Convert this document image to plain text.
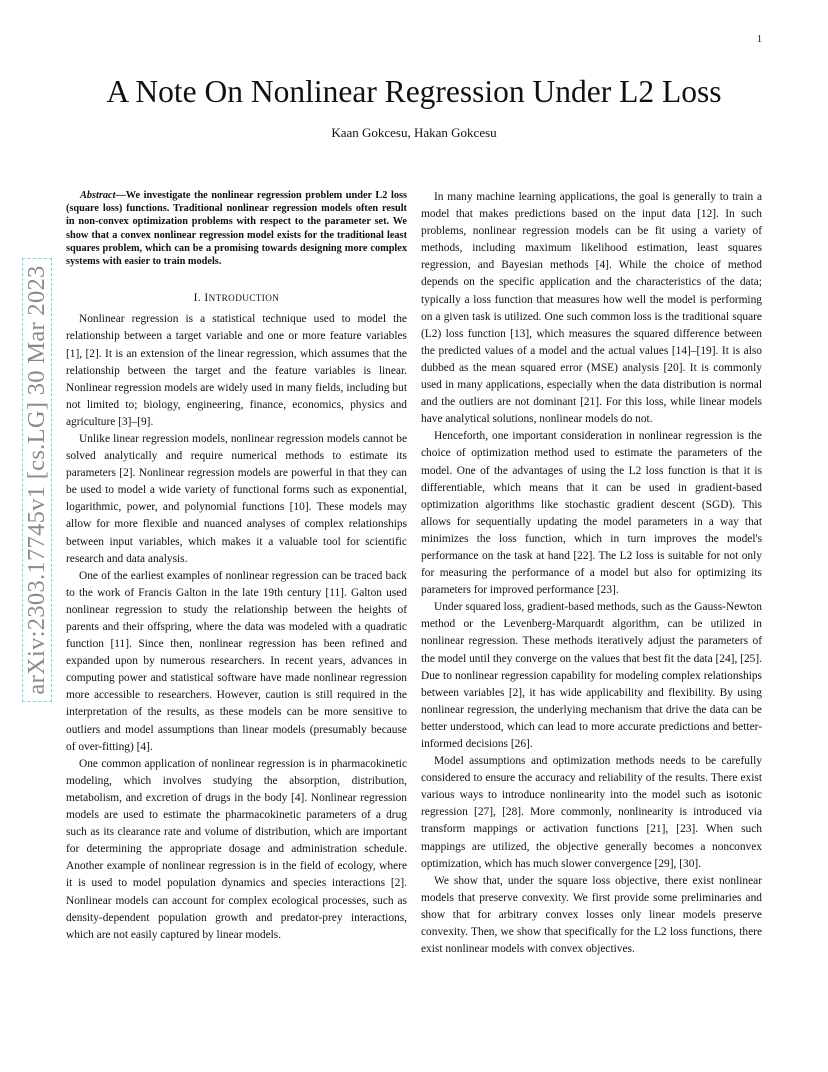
1
arXiv:2303.17745v1 [cs.LG] 30 Mar 2023
A Note On Nonlinear Regression Under L2 Loss
Kaan Gokcesu, Hakan Gokcesu

Abstract—We investigate the nonlinear regression problem under L2 loss (square loss) functions. Traditional nonlinear regression models often result in non-convex optimization problems with respect to the parameter set. We show that a convex nonlinear regression model exists for the traditional least squares problem, which can be a promising towards designing more complex systems with easier to train models.

I. INTRODUCTION

Nonlinear regression is a statistical technique used to model the relationship between a target variable and one or more feature variables [1], [2]. It is an extension of the linear regression, which assumes that the relationship between the target and the feature variables is linear. Nonlinear regression models are widely used in many fields, including but not limited to; biology, engineering, finance, economics, physics and agriculture [3]–[9].

Unlike linear regression models, nonlinear regression models cannot be solved analytically and require numerical methods to estimate its parameters [2]. Nonlinear regression models are powerful in that they can be used to model a wide variety of functional forms such as exponential, logarithmic, power, and polynomial functions [10]. These models may allow for more flexible and nuanced analyses of complex relationships between input variables, which makes it a valuable tool for scientific research and data analysis.

One of the earliest examples of nonlinear regression can be traced back to the work of Francis Galton in the late 19th century [11]. Galton used nonlinear regression to study the relationship between the heights of parents and their offspring, where the data was modeled with a quadratic function [11]. Since then, nonlinear regression has been refined and expanded upon by numerous researchers. In recent years, advances in computing power and statistical software have made nonlinear regression more accessible to researchers. However, caution is still required in the interpretation of the results, as these models can be more sensitive to outliers and model assumptions than linear models (presumably because of over-fitting) [4].

One common application of nonlinear regression is in pharmacokinetic modeling, which involves studying the absorption, distribution, metabolism, and excretion of drugs in the body [4]. Nonlinear regression models are used to estimate the pharmacokinetic parameters of a drug such as its clearance rate and volume of distribution, which are important for determining the appropriate dosage and administration schedule. Another example of nonlinear regression is in the field of ecology, where it is used to model population dynamics and species interactions [2]. Nonlinear models can account for complex ecological processes, such as density-dependent population growth and predator-prey interactions, which are not easily captured by linear models.

In many machine learning applications, the goal is generally to train a model that makes predictions based on the input data [12]. In such problems, nonlinear regression models can be fit using a variety of methods, including maximum likelihood estimation, least squares regression, and Bayesian methods [4]. While the choice of method depends on the specific application and the characteristics of the data; typically a loss function that measures how well the model is performing on a given task is utilized. One such common loss is the traditional square (L2) loss function [13], which measures the squared difference between the predicted values of a model and the actual values [14]–[19]. It is also dubbed as the mean squared error (MSE) analysis [20]. It is commonly used in many applications, especially when the data distribution is normal and the outliers are not dominant [21]. For this loss, while linear models have analytical solutions, nonlinear models do not.

Henceforth, one important consideration in nonlinear regression is the choice of optimization method used to estimate the parameters of the model. One of the advantages of using the L2 loss function is that it is differentiable, which means that it can be used in gradient-based optimization algorithms like stochastic gradient descent (SGD). This allows for sequentially updating the model parameters in a way that minimizes the loss function, which in turn improves the model's performance on the task at hand [22]. The L2 loss is suitable for not only for measuring the performance of a model but also for optimizing its parameters for improved performance [23].

Under squared loss, gradient-based methods, such as the Gauss-Newton method or the Levenberg-Marquardt algorithm, can be utilized in nonlinear regression. These methods iteratively adjust the parameters of the model until they converge on the values that best fit the data [24], [25]. Due to nonlinear regression capability for modeling complex relationships between variables [2], it has wide applicability and flexibility. By using nonlinear regression, the underlying mechanism that drive the data can be better understood, which can lead to more accurate predictions and better-informed decisions [26].

Model assumptions and optimization methods needs to be carefully considered to ensure the accuracy and reliability of the results. There exist various ways to introduce nonlinearity into the model such as isotonic regression [27], [28]. More commonly, nonlinearity is introduced via transform mappings or activation functions [21], [23]. When such mappings are utilized, the objective generally becomes a nonconvex optimization, which has much slower convergence [29], [30].

We show that, under the square loss objective, there exist nonlinear models that preserve convexity. We first provide some preliminaries and show that for arbitrary convex losses only linear models preserve convexity. Then, we show that specifically for the L2 loss functions, there exist nonlinear models with convex objectives.
